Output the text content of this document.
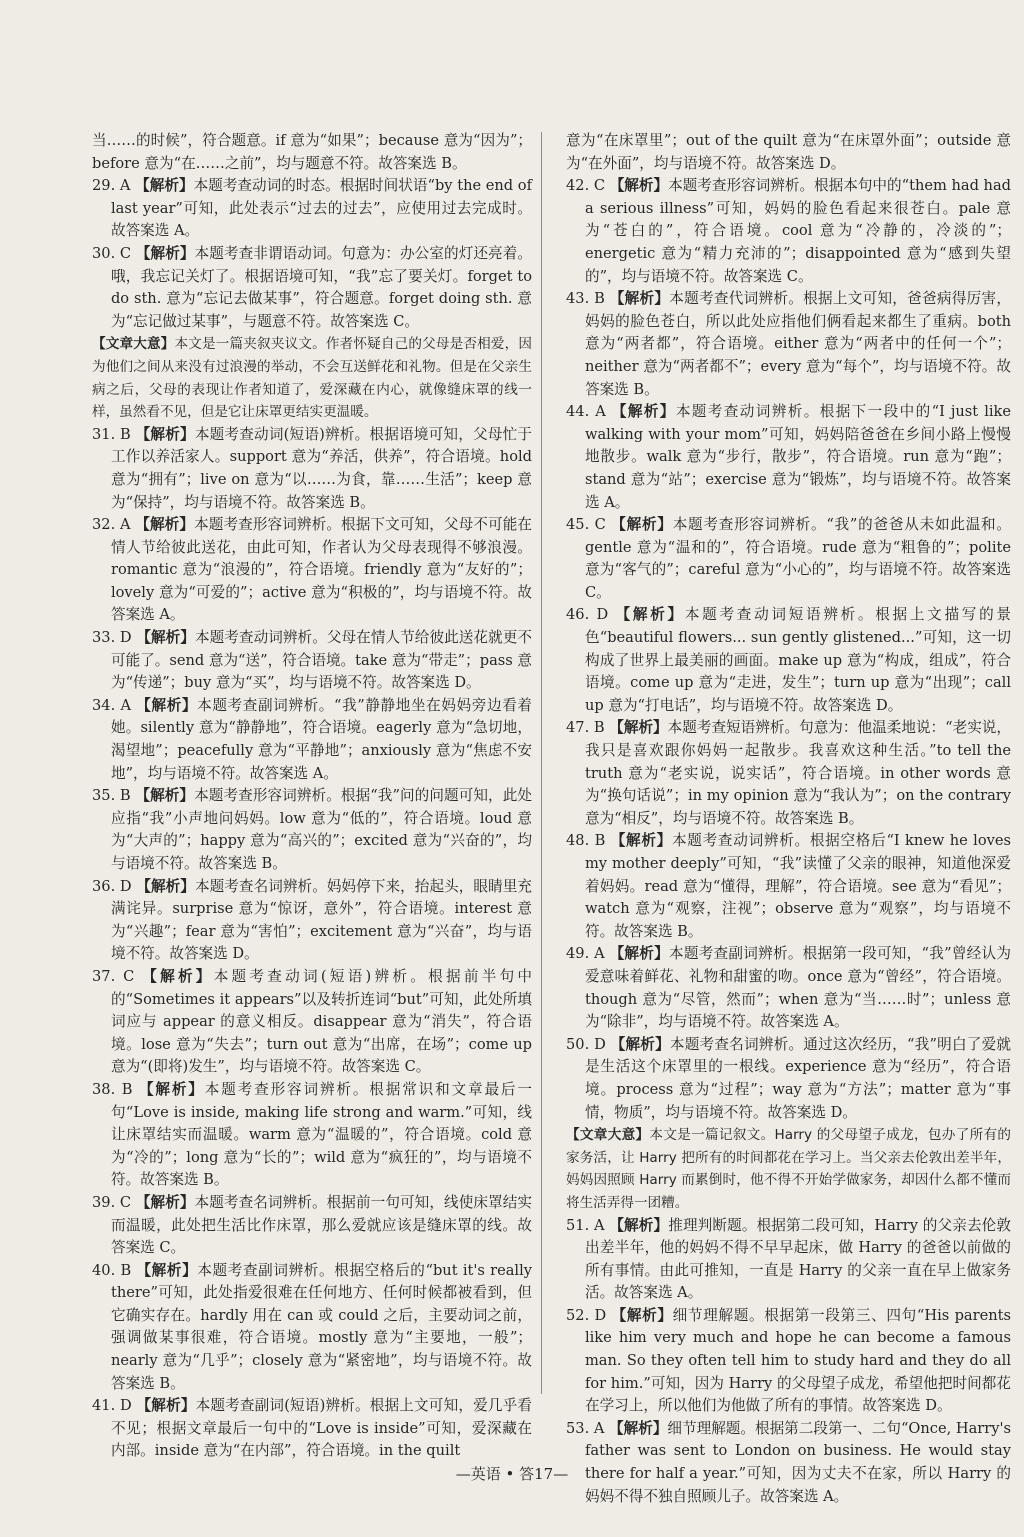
当……的时候”，符合题意。if 意为“如果”；because 意为“因为”；before 意为“在……之前”，均与题意不符。故答案选 B。
29. A 【解析】本题考查动词的时态。根据时间状语“by the end of last year”可知，此处表示“过去的过去”，应使用过去完成时。故答案选 A。
30. C 【解析】本题考查非谓语动词。句意为：办公室的灯还亮着。哦，我忘记关灯了。根据语境可知，“我”忘了要关灯。forget to do sth. 意为“忘记去做某事”，符合题意。forget doing sth. 意为“忘记做过某事”，与题意不符。故答案选 C。
【文章大意】本文是一篇夹叙夹议文。作者怀疑自己的父母是否相爱，因为他们之间从来没有过浪漫的举动，不会互送鲜花和礼物。但是在父亲生病之后，父母的表现让作者知道了，爱深藏在内心，就像缝床罩的线一样，虽然看不见，但是它让床罩更结实更温暖。
31. B 【解析】本题考查动词(短语)辨析。根据语境可知，父母忙于工作以养活家人。support 意为“养活，供养”，符合语境。hold 意为“拥有”；live on 意为“以……为食，靠……生活”；keep 意为“保持”，均与语境不符。故答案选 B。
32. A 【解析】本题考查形容词辨析。根据下文可知，父母不可能在情人节给彼此送花，由此可知，作者认为父母表现得不够浪漫。romantic 意为“浪漫的”，符合语境。friendly 意为“友好的”；lovely 意为“可爱的”；active 意为“积极的”，均与语境不符。故答案选 A。
33. D 【解析】本题考查动词辨析。父母在情人节给彼此送花就更不可能了。send 意为“送”，符合语境。take 意为“带走”；pass 意为“传递”；buy 意为“买”，均与语境不符。故答案选 D。
34. A 【解析】本题考查副词辨析。“我”静静地坐在妈妈旁边看着她。silently 意为“静静地”，符合语境。eagerly 意为“急切地，渴望地”；peacefully 意为“平静地”；anxiously 意为“焦虑不安地”，均与语境不符。故答案选 A。
35. B 【解析】本题考查形容词辨析。根据“我”问的问题可知，此处应指“我”小声地问妈妈。low 意为“低的”，符合语境。loud 意为“大声的”；happy 意为“高兴的”；excited 意为“兴奋的”，均与语境不符。故答案选 B。
36. D 【解析】本题考查名词辨析。妈妈停下来，抬起头，眼睛里充满诧异。surprise 意为“惊讶，意外”，符合语境。interest 意为“兴趣”；fear 意为“害怕”；excitement 意为“兴奋”，均与语境不符。故答案选 D。
37. C 【解析】本题考查动词(短语)辨析。根据前半句中的“Sometimes it appears”以及转折连词“but”可知，此处所填词应与 appear 的意义相反。disappear 意为“消失”，符合语境。lose 意为“失去”；turn out 意为“出席，在场”；come up 意为“(即将)发生”，均与语境不符。故答案选 C。
38. B 【解析】本题考查形容词辨析。根据常识和文章最后一句“Love is inside, making life strong and warm.”可知，线让床罩结实而温暖。warm 意为“温暖的”，符合语境。cold 意为“冷的”；long 意为“长的”；wild 意为“疯狂的”，均与语境不符。故答案选 B。
39. C 【解析】本题考查名词辨析。根据前一句可知，线使床罩结实而温暖，此处把生活比作床罩，那么爱就应该是缝床罩的线。故答案选 C。
40. B 【解析】本题考查副词辨析。根据空格后的“but it's really there”可知，此处指爱很难在任何地方、任何时候都被看到，但它确实存在。hardly 用在 can 或 could 之后，主要动词之前，强调做某事很难，符合语境。mostly 意为“主要地，一般”；nearly 意为“几乎”；closely 意为“紧密地”，均与语境不符。故答案选 B。
41. D 【解析】本题考查副词(短语)辨析。根据上文可知，爱几乎看不见；根据文章最后一句中的“Love is inside”可知，爱深藏在内部。inside 意为“在内部”，符合语境。in the quilt
意为“在床罩里”；out of the quilt 意为“在床罩外面”；outside 意为“在外面”，均与语境不符。故答案选 D。
42. C 【解析】本题考查形容词辨析。根据本句中的“them had had a serious illness”可知，妈妈的脸色看起来很苍白。pale 意为“苍白的”，符合语境。cool 意为“冷静的，冷淡的”；energetic 意为“精力充沛的”；disappointed 意为“感到失望的”，均与语境不符。故答案选 C。
43. B 【解析】本题考查代词辨析。根据上文可知，爸爸病得厉害，妈妈的脸色苍白，所以此处应指他们俩看起来都生了重病。both 意为“两者都”，符合语境。either 意为“两者中的任何一个”；neither 意为“两者都不”；every 意为“每个”，均与语境不符。故答案选 B。
44. A 【解析】本题考查动词辨析。根据下一段中的“I just like walking with your mom”可知，妈妈陪爸爸在乡间小路上慢慢地散步。walk 意为“步行，散步”，符合语境。run 意为“跑”；stand 意为“站”；exercise 意为“锻炼”，均与语境不符。故答案选 A。
45. C 【解析】本题考查形容词辨析。“我”的爸爸从未如此温和。gentle 意为“温和的”，符合语境。rude 意为“粗鲁的”；polite 意为“客气的”；careful 意为“小心的”，均与语境不符。故答案选 C。
46. D 【解析】本题考查动词短语辨析。根据上文描写的景色“beautiful flowers... sun gently glistened...”可知，这一切构成了世界上最美丽的画面。make up 意为“构成，组成”，符合语境。come up 意为“走进，发生”；turn up 意为“出现”；call up 意为“打电话”，均与语境不符。故答案选 D。
47. B 【解析】本题考查短语辨析。句意为：他温柔地说：“老实说，我只是喜欢跟你妈妈一起散步。我喜欢这种生活。”to tell the truth 意为“老实说，说实话”，符合语境。in other words 意为“换句话说”；in my opinion 意为“我认为”；on the contrary 意为“相反”，均与语境不符。故答案选 B。
48. B 【解析】本题考查动词辨析。根据空格后“I knew he loves my mother deeply”可知，“我”读懂了父亲的眼神，知道他深爱着妈妈。read 意为“懂得，理解”，符合语境。see 意为“看见”；watch 意为“观察，注视”；observe 意为“观察”，均与语境不符。故答案选 B。
49. A 【解析】本题考查副词辨析。根据第一段可知，“我”曾经认为爱意味着鲜花、礼物和甜蜜的吻。once 意为“曾经”，符合语境。though 意为“尽管，然而”；when 意为“当……时”；unless 意为“除非”，均与语境不符。故答案选 A。
50. D 【解析】本题考查名词辨析。通过这次经历，“我”明白了爱就是生活这个床罩里的一根线。experience 意为“经历”，符合语境。process 意为“过程”；way 意为“方法”；matter 意为“事情，物质”，均与语境不符。故答案选 D。
【文章大意】本文是一篇记叙文。Harry 的父母望子成龙，包办了所有的家务活，让 Harry 把所有的时间都花在学习上。当父亲去伦敦出差半年，妈妈因照顾 Harry 而累倒时，他不得不开始学做家务，却因什么都不懂而将生活弄得一团糟。
51. A 【解析】推理判断题。根据第二段可知，Harry 的父亲去伦敦出差半年，他的妈妈不得不早早起床，做 Harry 的爸爸以前做的所有事情。由此可推知，一直是 Harry 的父亲一直在早上做家务活。故答案选 A。
52. D 【解析】细节理解题。根据第一段第三、四句“His parents like him very much and hope he can become a famous man. So they often tell him to study hard and they do all for him.”可知，因为 Harry 的父母望子成龙，希望他把时间都花在学习上，所以他们为他做了所有的事情。故答案选 D。
53. A 【解析】细节理解题。根据第二段第一、二句“Once, Harry's father was sent to London on business. He would stay there for half a year.”可知，因为丈夫不在家，所以 Harry 的妈妈不得不独自照顾儿子。故答案选 A。
—英语 • 答17—
